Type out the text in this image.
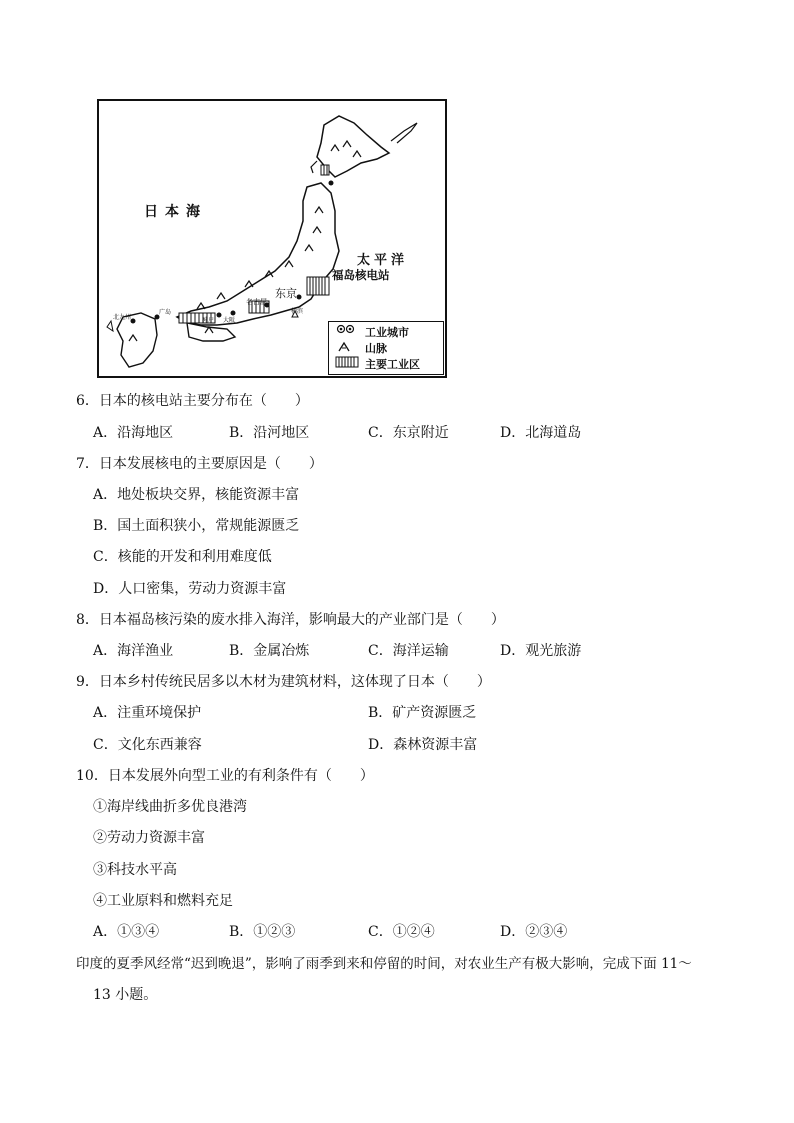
日本海
太平洋
福岛核电站
东京
名古屋
大阪
神户
横滨
北九州
广岛
工业城市
山脉
主要工业区
6．日本的核电站主要分布在（　　）
A．沿海地区	B．沿河地区	C．东京附近	D．北海道岛
7．日本发展核电的主要原因是（　　）
A．地处板块交界，核能资源丰富
B．国土面积狭小，常规能源匮乏
C．核能的开发和利用难度低
D．人口密集，劳动力资源丰富
8．日本福岛核污染的废水排入海洋，影响最大的产业部门是（　　）
A．海洋渔业	B．金属冶炼	C．海洋运输	D．观光旅游
9．日本乡村传统民居多以木材为建筑材料，这体现了日本（　　）
A．注重环境保护	B．矿产资源匮乏
C．文化东西兼容	D．森林资源丰富
10．日本发展外向型工业的有利条件有（　　）
①海岸线曲折多优良港湾
②劳动力资源丰富
③科技水平高
④工业原料和燃料充足
A．①③④	B．①②③	C．①②④	D．②③④
印度的夏季风经常“迟到晚退”，影响了雨季到来和停留的时间，对农业生产有极大影响，完成下面 11～
13 小题。
